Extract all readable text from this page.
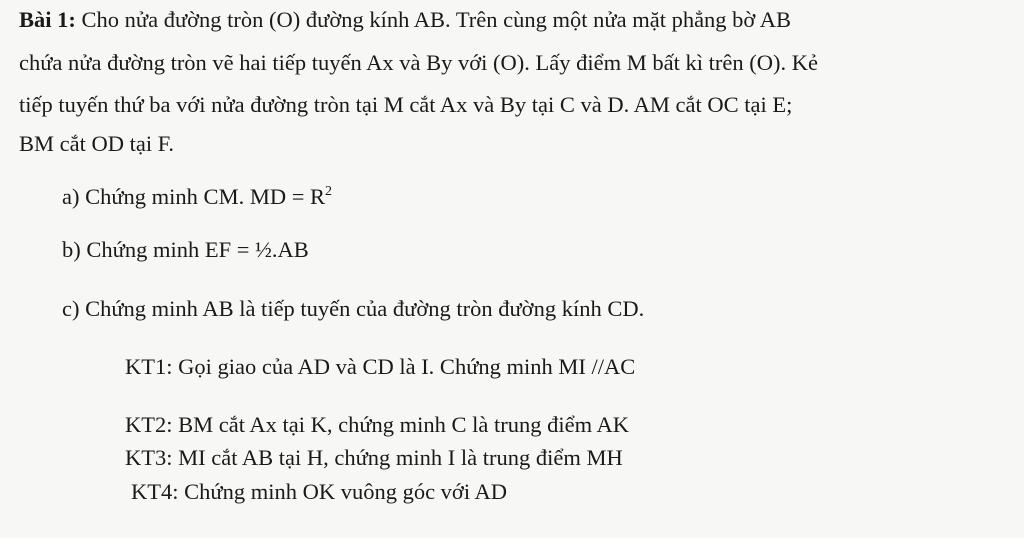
Bài 1: Cho nửa đường tròn (O) đường kính AB. Trên cùng một nửa mặt phẳng bờ AB
chứa nửa đường tròn vẽ hai tiếp tuyến Ax và By với (O). Lấy điểm M bất kì trên (O). Kẻ
tiếp tuyến thứ ba với nửa đường tròn tại M cắt Ax và By tại C và D. AM cắt OC tại E;
BM cắt OD tại F.
a) Chứng minh CM. MD = $R^2$
b) Chứng minh EF = ½.AB
c) Chứng minh AB là tiếp tuyến của đường tròn đường kính CD.
KT1: Gọi giao của AD và CD là I. Chứng minh MI //AC
KT2: BM cắt Ax tại K, chứng minh C là trung điểm AK
KT3: MI cắt AB tại H, chứng minh I là trung điểm MH
KT4: Chứng minh OK vuông góc với AD
